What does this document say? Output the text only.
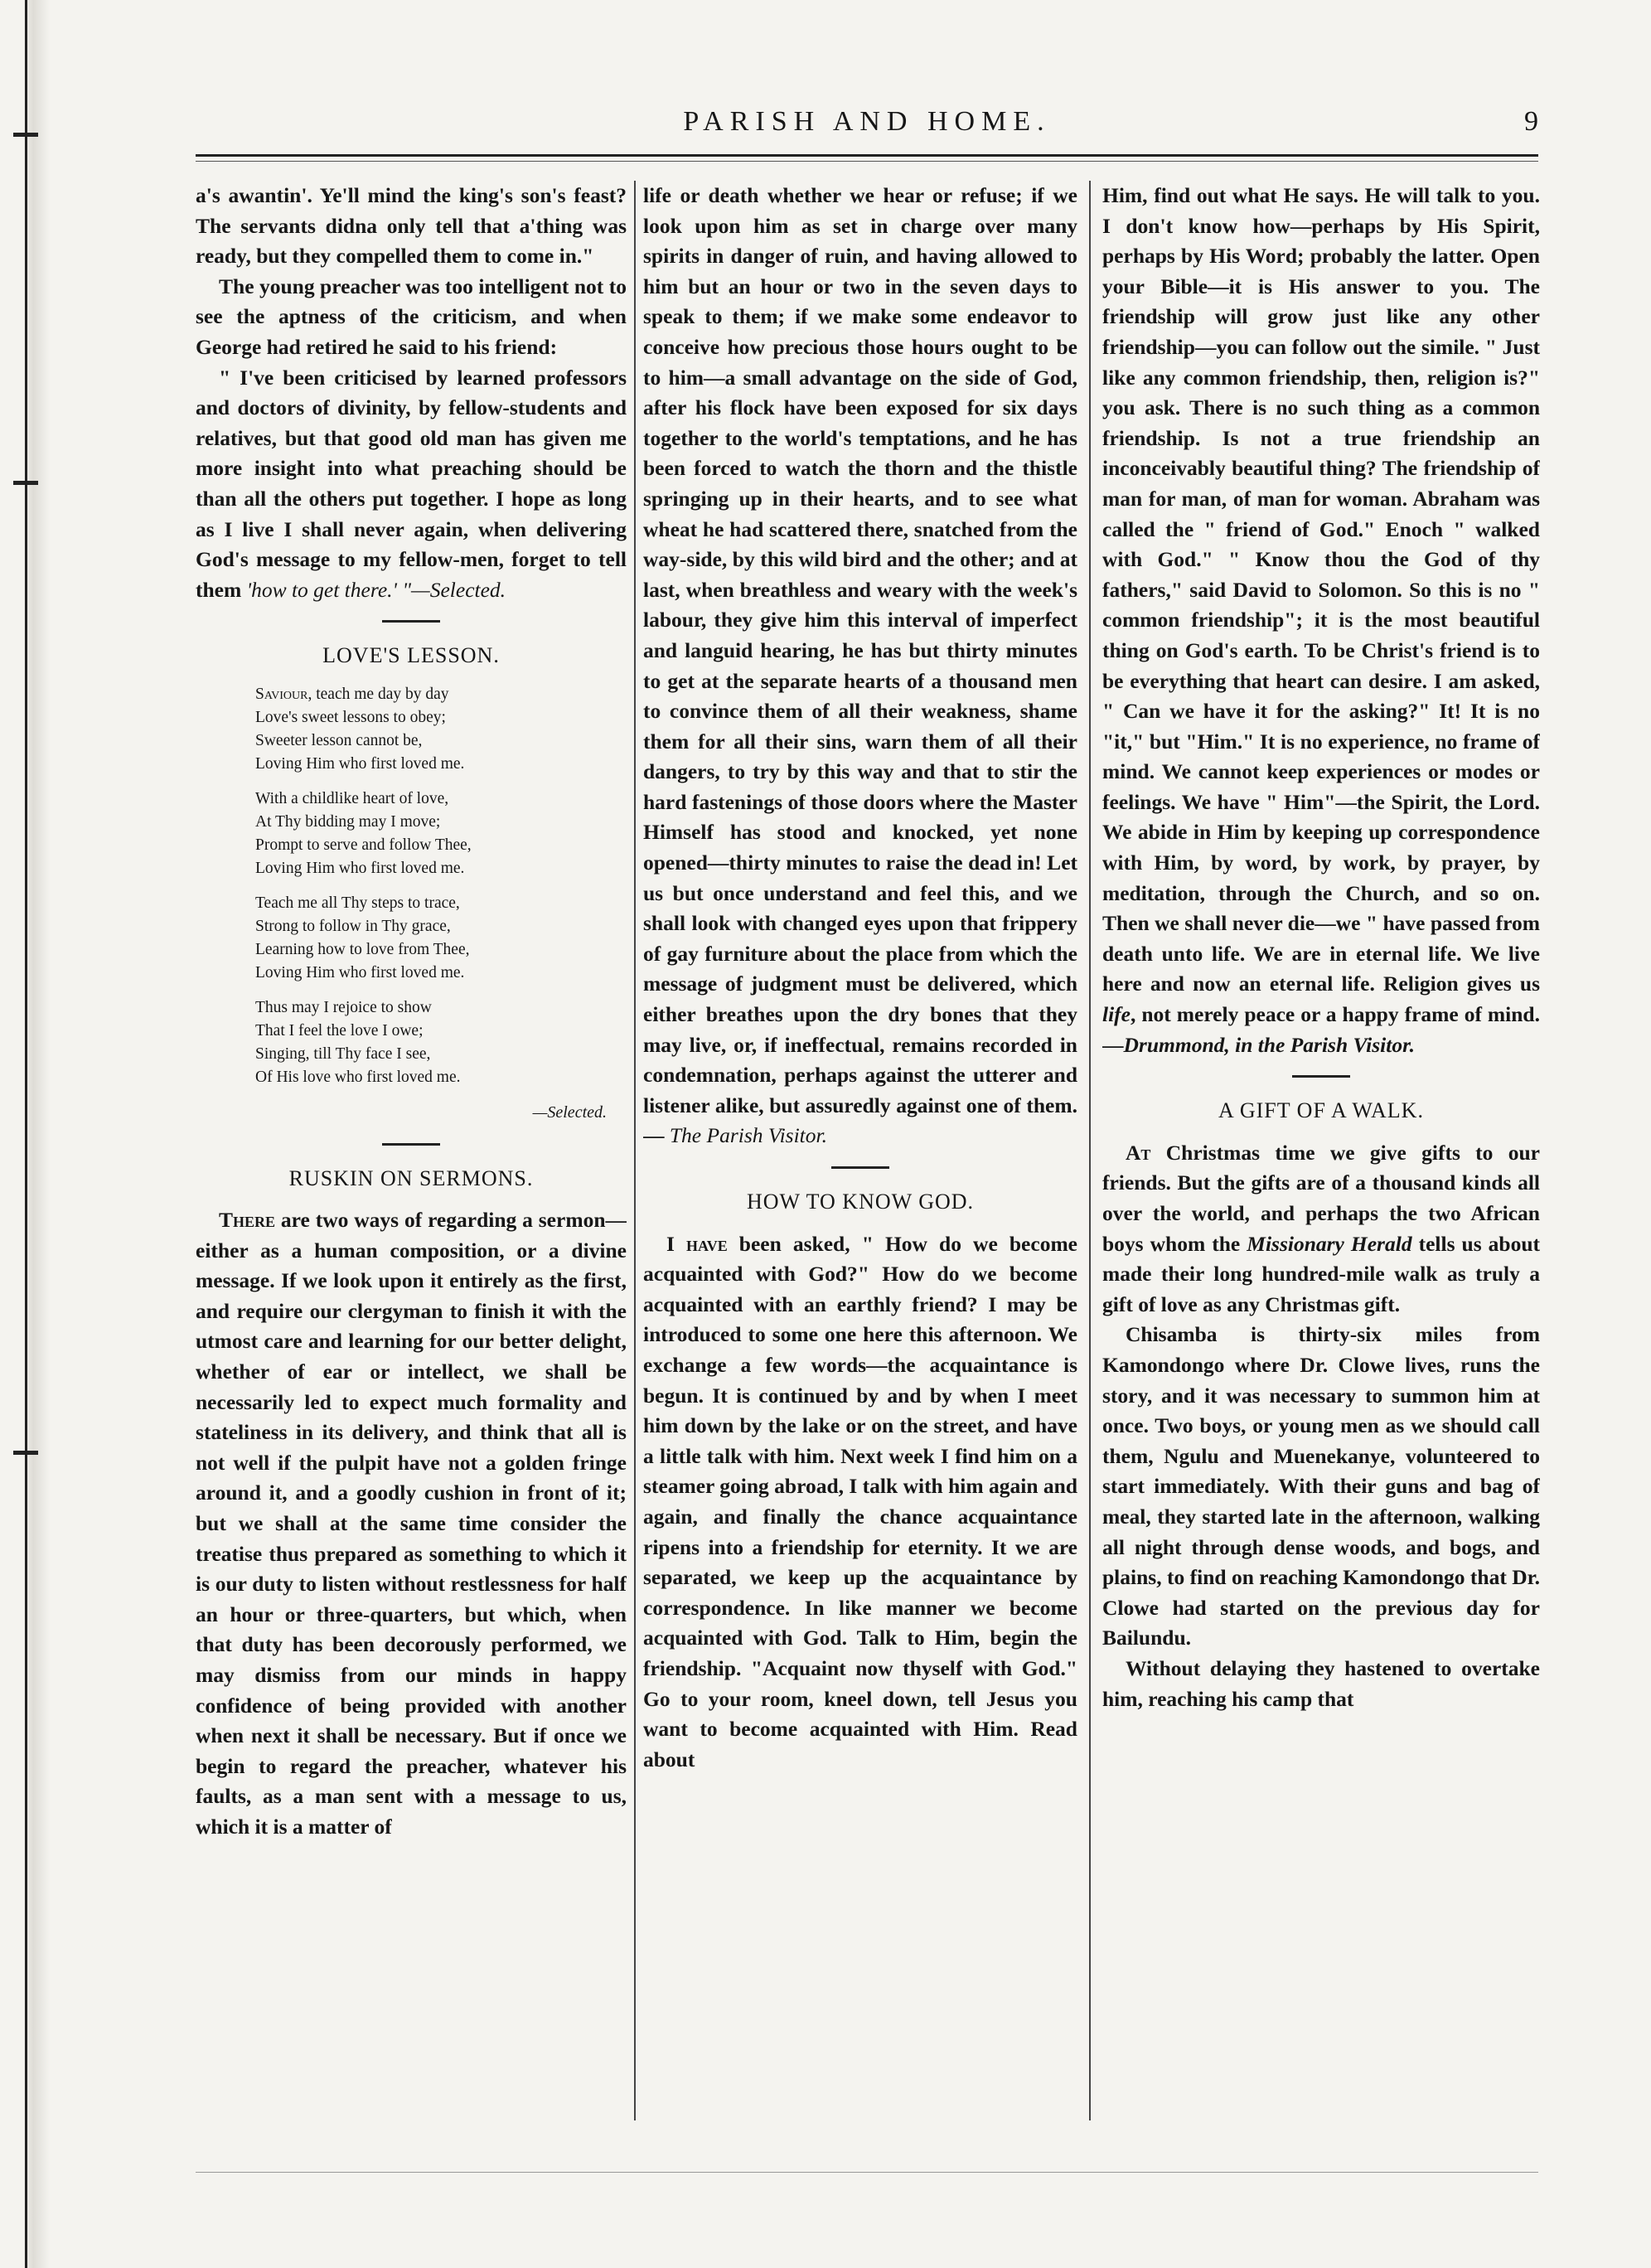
PARISH AND HOME.	9

a's awantin'. Ye'll mind the king's son's feast? The servants didna only tell that a'thing was ready, but they compelled them to come in."

The young preacher was too intelligent not to see the aptness of the criticism, and when George had retired he said to his friend:

" I've been criticised by learned professors and doctors of divinity, by fellow-students and relatives, but that good old man has given me more insight into what preaching should be than all the others put together. I hope as long as I live I shall never again, when delivering God's message to my fellow-men, forget to tell them 'how to get there.' "—Selected.

LOVE'S LESSON.
Saviour, teach me day by day
Love's sweet lessons to obey;
Sweeter lesson cannot be,
Loving Him who first loved me.
With a childlike heart of love,
At Thy bidding may I move;
Prompt to serve and follow Thee,
Loving Him who first loved me.
Teach me all Thy steps to trace,
Strong to follow in Thy grace,
Learning how to love from Thee,
Loving Him who first loved me.
Thus may I rejoice to show
That I feel the love I owe;
Singing, till Thy face I see,
Of His love who first loved me.
—Selected.
RUSKIN ON SERMONS.

There are two ways of regarding a sermon—either as a human composition, or a divine message. If we look upon it entirely as the first, and require our clergyman to finish it with the utmost care and learning for our better delight, whether of ear or intellect, we shall be necessarily led to expect much formality and stateliness in its delivery, and think that all is not well if the pulpit have not a golden fringe around it, and a goodly cushion in front of it; but we shall at the same time consider the treatise thus prepared as something to which it is our duty to listen without restlessness for half an hour or three-quarters, but which, when that duty has been decorously performed, we may dismiss from our minds in happy confidence of being provided with another when next it shall be necessary. But if once we begin to regard the preacher, whatever his faults, as a man sent with a message to us, which it is a matter of

life or death whether we hear or refuse; if we look upon him as set in charge over many spirits in danger of ruin, and having allowed to him but an hour or two in the seven days to speak to them; if we make some endeavor to conceive how precious those hours ought to be to him—a small advantage on the side of God, after his flock have been exposed for six days together to the world's temptations, and he has been forced to watch the thorn and the thistle springing up in their hearts, and to see what wheat he had scattered there, snatched from the way-side, by this wild bird and the other; and at last, when breathless and weary with the week's labour, they give him this interval of imperfect and languid hearing, he has but thirty minutes to get at the separate hearts of a thousand men to convince them of all their weakness, shame them for all their sins, warn them of all their dangers, to try by this way and that to stir the hard fastenings of those doors where the Master Himself has stood and knocked, yet none opened—thirty minutes to raise the dead in! Let us but once understand and feel this, and we shall look with changed eyes upon that frippery of gay furniture about the place from which the message of judgment must be delivered, which either breathes upon the dry bones that they may live, or, if ineffectual, remains recorded in condemnation, perhaps against the utterer and listener alike, but assuredly against one of them.— The Parish Visitor.

HOW TO KNOW GOD.

I have been asked, " How do we become acquainted with God?" How do we become acquainted with an earthly friend? I may be introduced to some one here this afternoon. We exchange a few words—the acquaintance is begun. It is continued by and by when I meet him down by the lake or on the street, and have a little talk with him. Next week I find him on a steamer going abroad, I talk with him again and again, and finally the chance acquaintance ripens into a friendship for eternity. It we are separated, we keep up the acquaintance by correspondence. In like manner we become acquainted with God. Talk to Him, begin the friendship. "Acquaint now thyself with God." Go to your room, kneel down, tell Jesus you want to become acquainted with Him. Read about

Him, find out what He says. He will talk to you. I don't know how—perhaps by His Spirit, perhaps by His Word; probably the latter. Open your Bible—it is His answer to you. The friendship will grow just like any other friendship—you can follow out the simile. " Just like any common friendship, then, religion is?" you ask. There is no such thing as a common friendship. Is not a true friendship an inconceivably beautiful thing? The friendship of man for man, of man for woman. Abraham was called the " friend of God." Enoch " walked with God." " Know thou the God of thy fathers," said David to Solomon. So this is no " common friendship"; it is the most beautiful thing on God's earth. To be Christ's friend is to be everything that heart can desire. I am asked, " Can we have it for the asking?" It! It is no "it," but "Him." It is no experience, no frame of mind. We cannot keep experiences or modes or feelings. We have " Him"—the Spirit, the Lord. We abide in Him by keeping up correspondence with Him, by word, by work, by prayer, by meditation, through the Church, and so on. Then we shall never die—we " have passed from death unto life. We are in eternal life. We live here and now an eternal life. Religion gives us life, not merely peace or a happy frame of mind.—Drummond, in the Parish Visitor.

A GIFT OF A WALK.

At Christmas time we give gifts to our friends. But the gifts are of a thousand kinds all over the world, and perhaps the two African boys whom the Missionary Herald tells us about made their long hundred-mile walk as truly a gift of love as any Christmas gift.

Chisamba is thirty-six miles from Kamondongo where Dr. Clowe lives, runs the story, and it was necessary to summon him at once. Two boys, or young men as we should call them, Ngulu and Muenekanye, volunteered to start immediately. With their guns and bag of meal, they started late in the afternoon, walking all night through dense woods, and bogs, and plains, to find on reaching Kamondongo that Dr. Clowe had started on the previous day for Bailundu.

Without delaying they hastened to overtake him, reaching his camp that
